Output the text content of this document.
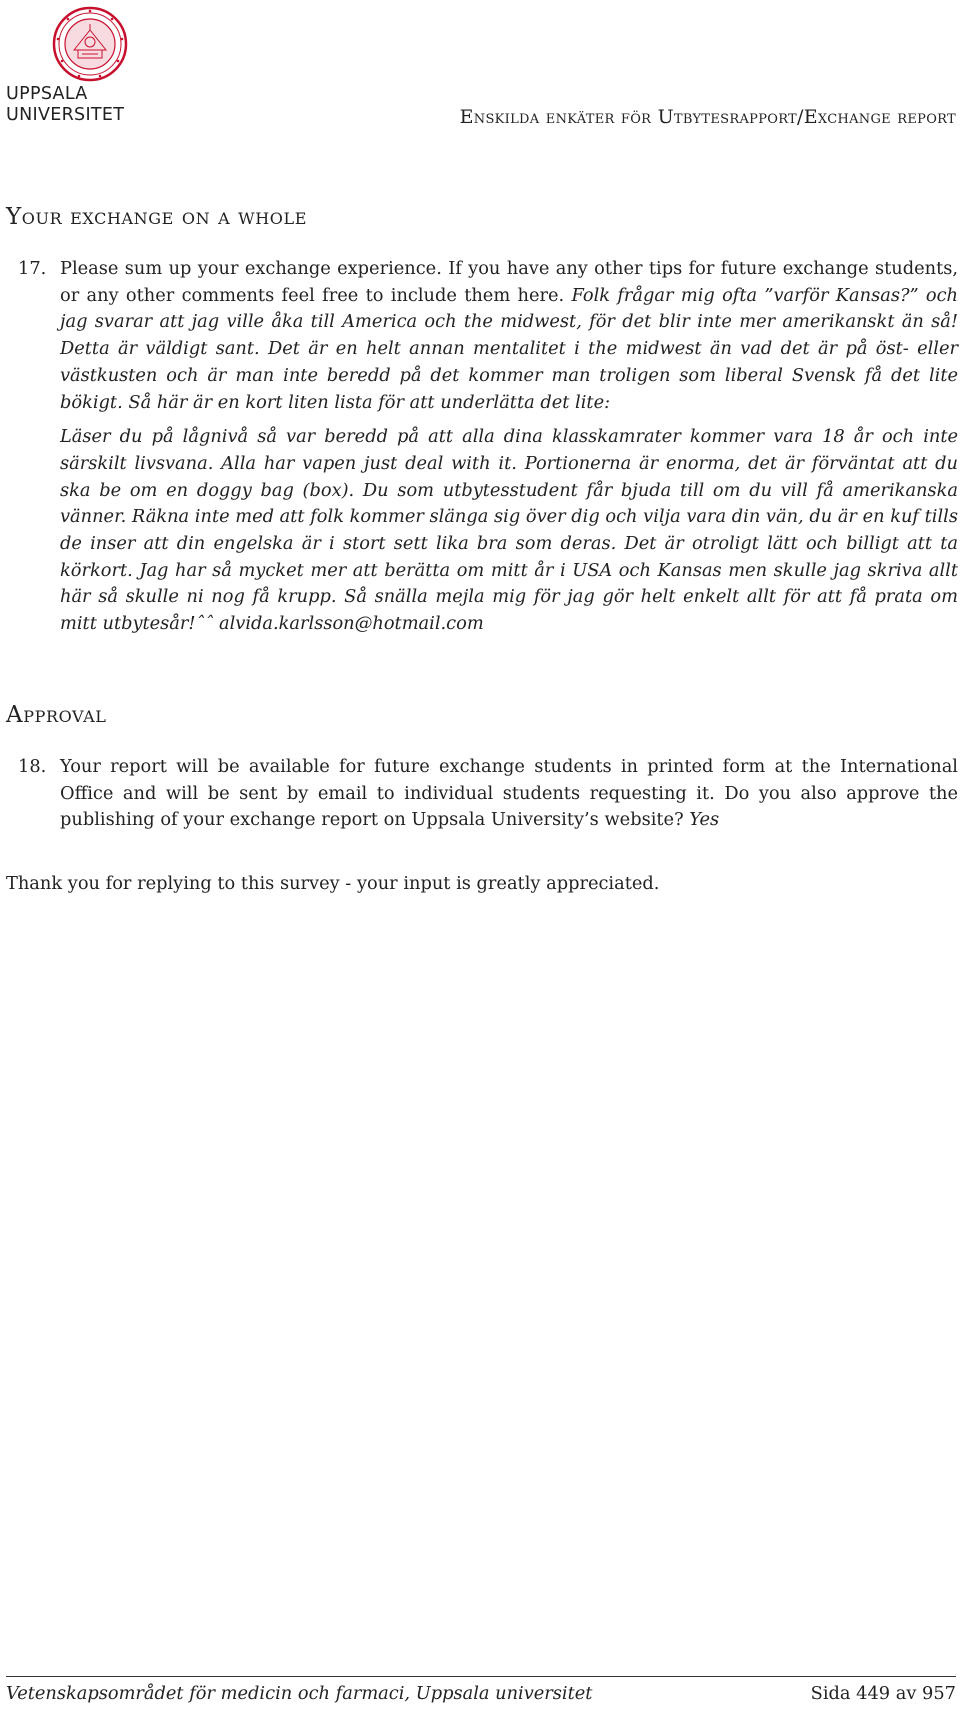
UPPSALA
UNIVERSITET	Enskilda enkäter för Utbytesrapport/Exchange report
Your exchange on a whole
17. Please sum up your exchange experience. If you have any other tips for future exchange students, or any other comments feel free to include them here. Folk frågar mig ofta ”varför Kansas?” och jag svarar att jag ville åka till America och the midwest, för det blir inte mer amerikanskt än så! Detta är väldigt sant. Det är en helt annan mentalitet i the midwest än vad det är på öst- eller västkusten och är man inte beredd på det kommer man troligen som liberal Svensk få det lite bökigt. Så här är en kort liten lista för att underlätta det lite:

Läser du på lågnivå så var beredd på att alla dina klasskamrater kommer vara 18 år och inte särskilt livsvana. Alla har vapen just deal with it. Portionerna är enorma, det är förväntat att du ska be om en doggy bag (box). Du som utbytesstudent får bjuda till om du vill få amerikanska vänner. Räkna inte med att folk kommer slänga sig över dig och vilja vara din vän, du är en kuf tills de inser att din engelska är i stort sett lika bra som deras. Det är otroligt lätt och billigt att ta körkort. Jag har så mycket mer att berätta om mitt år i USA och Kansas men skulle jag skriva allt här så skulle ni nog få krupp. Så snälla mejla mig för jag gör helt enkelt allt för att få prata om mitt utbytesår!ˆˆ alvida.karlsson@hotmail.com

Approval
18. Your report will be available for future exchange students in printed form at the International Office and will be sent by email to individual students requesting it. Do you also approve the publishing of your exchange report on Uppsala University’s website? Yes

Thank you for replying to this survey - your input is greatly appreciated.
Vetenskapsområdet för medicin och farmaci, Uppsala universitet	Sida 449 av 957
